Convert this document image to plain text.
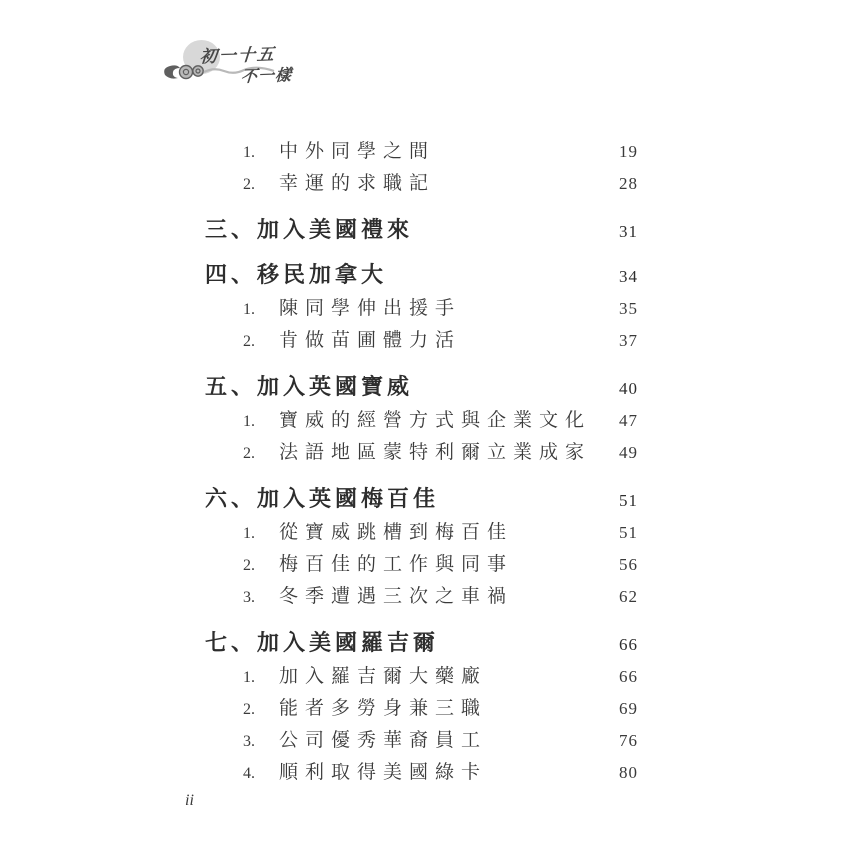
初一十五
不一樣
1.	中外同學之間	19
2.	幸運的求職記	28
三、加入美國禮來	31
四、移民加拿大	34
1.	陳同學伸出援手	35
2.	肯做苗圃體力活	37
五、加入英國寶威	40
1.	寶威的經營方式與企業文化 47
2.	法語地區蒙特利爾立業成家 49
六、加入英國梅百佳	51
1.	從寶威跳槽到梅百佳	51
2.	梅百佳的工作與同事	56
3.	冬季遭遇三次之車禍	62
七、加入美國羅吉爾	66
1.	加入羅吉爾大藥廠	66
2.	能者多勞身兼三職	69
3.	公司優秀華裔員工	76
4.	順利取得美國綠卡	80
ii
